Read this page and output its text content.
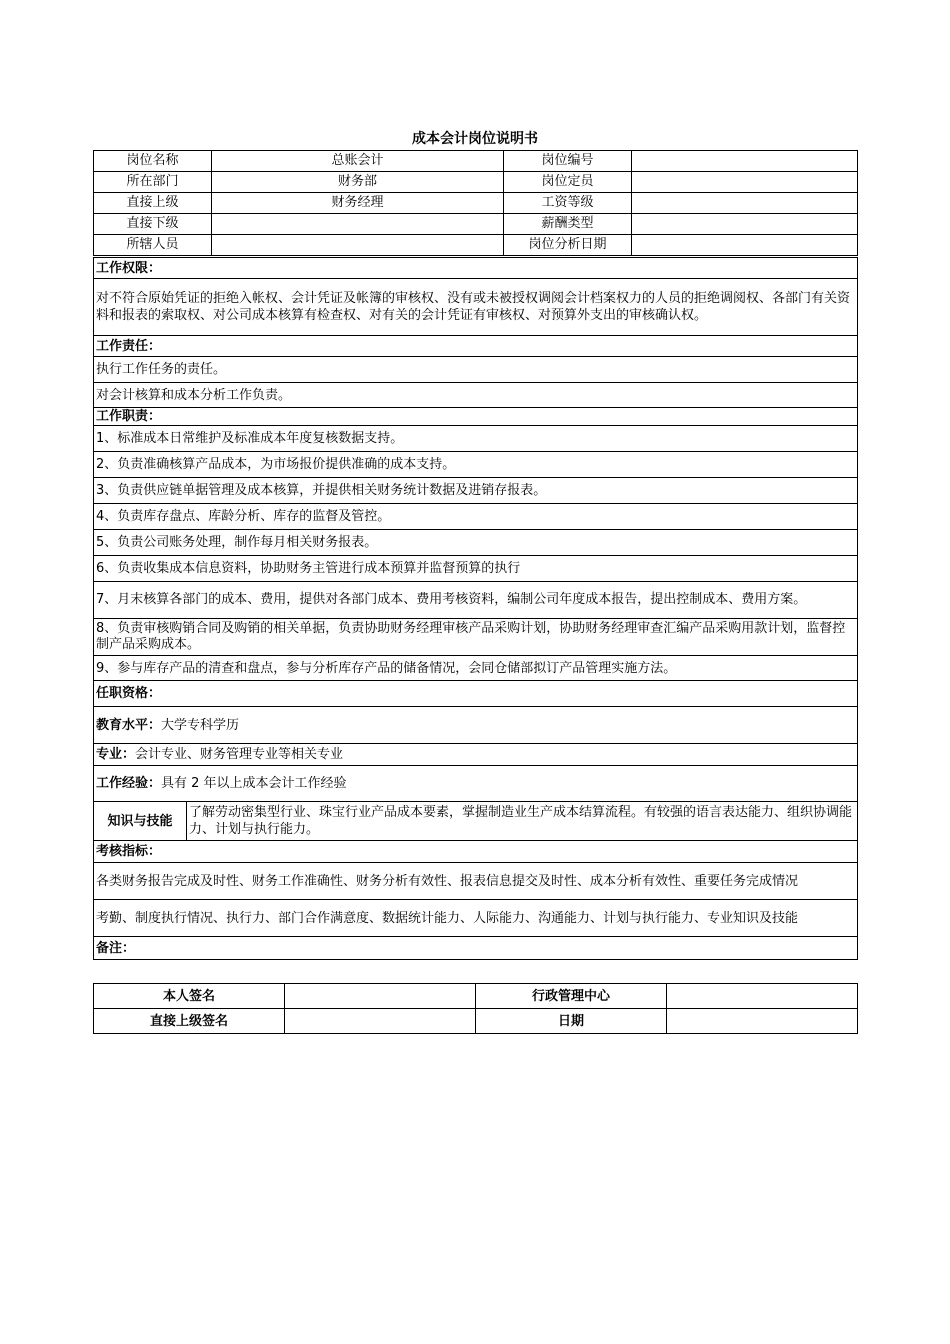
成本会计岗位说明书
岗位名称	总账会计	岗位编号	
所在部门	财务部	岗位定员	
直接上级	财务经理	工资等级	
直接下级		薪酬类型	
所辖人员		岗位分析日期	
工作权限：
对不符合原始凭证的拒绝入帐权、会计凭证及帐簿的审核权、没有或未被授权调阅会计档案权力的人员的拒绝调阅权、各部门有关资料和报表的索取权、对公司成本核算有检查权、对有关的会计凭证有审核权、对预算外支出的审核确认权。
工作责任：
执行工作任务的责任。
对会计核算和成本分析工作负责。
工作职责：
1、标准成本日常维护及标准成本年度复核数据支持。
2、负责准确核算产品成本，为市场报价提供准确的成本支持。
3、负责供应链单据管理及成本核算，并提供相关财务统计数据及进销存报表。
4、负责库存盘点、库龄分析、库存的监督及管控。
5、负责公司账务处理，制作每月相关财务报表。
6、负责收集成本信息资料，协助财务主管进行成本预算并监督预算的执行
7、月末核算各部门的成本、费用，提供对各部门成本、费用考核资料，编制公司年度成本报告，提出控制成本、费用方案。
8、负责审核购销合同及购销的相关单据，负责协助财务经理审核产品采购计划，协助财务经理审查汇编产品采购用款计划，监督控制产品采购成本。
9、参与库存产品的清查和盘点，参与分析库存产品的储备情况，会同仓储部拟订产品管理实施方法。
任职资格：
教育水平：大学专科学历
专业：会计专业、财务管理专业等相关专业
工作经验：具有 2 年以上成本会计工作经验
知识与技能	了解劳动密集型行业、珠宝行业产品成本要素，掌握制造业生产成本结算流程。有较强的语言表达能力、组织协调能力、计划与执行能力。
考核指标：
各类财务报告完成及时性、财务工作准确性、财务分析有效性、报表信息提交及时性、成本分析有效性、重要任务完成情况
考勤、制度执行情况、执行力、部门合作满意度、数据统计能力、人际能力、沟通能力、计划与执行能力、专业知识及技能
备注：
本人签名		行政管理中心	
直接上级签名		日期	
